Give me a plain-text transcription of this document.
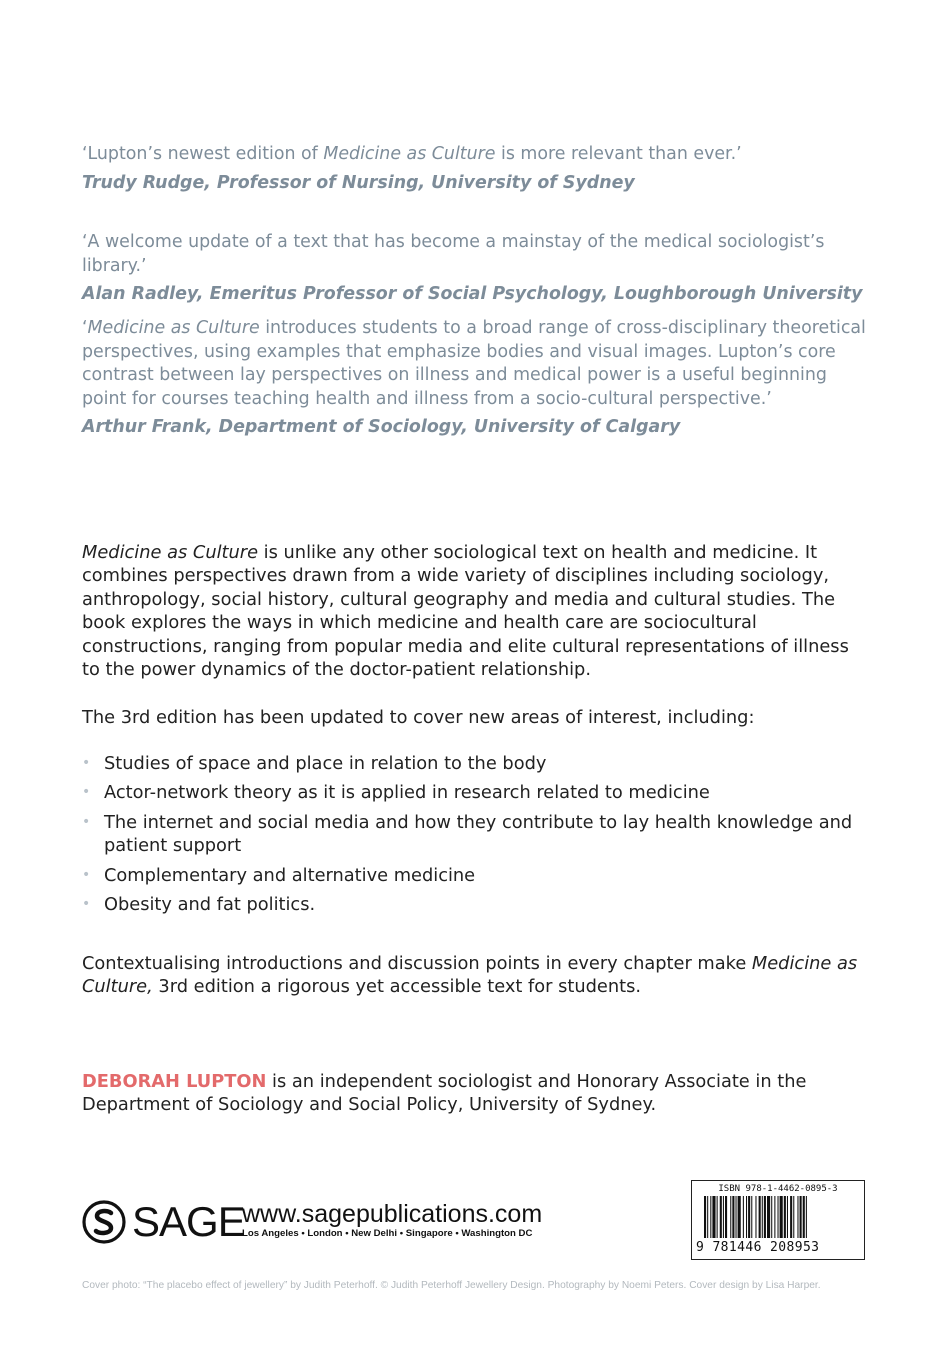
‘Lupton’s newest edition of Medicine as Culture is more relevant than ever.’

Trudy Rudge, Professor of Nursing, University of Sydney

‘A welcome update of a text that has become a mainstay of the medical sociologist’s library.’

Alan Radley, Emeritus Professor of Social Psychology, Loughborough University

‘Medicine as Culture introduces students to a broad range of cross-disciplinary theoretical perspectives, using examples that emphasize bodies and visual images. Lupton’s core contrast between lay perspectives on illness and medical power is a useful beginning point for courses teaching health and illness from a socio-cultural perspective.’

Arthur Frank, Department of Sociology, University of Calgary

Medicine as Culture is unlike any other sociological text on health and medicine. It combines perspectives drawn from a wide variety of disciplines including sociology, anthropology, social history, cultural geography and media and cultural studies. The book explores the ways in which medicine and health care are sociocultural constructions, ranging from popular media and elite cultural representations of illness to the power dynamics of the doctor-patient relationship.

The 3rd edition has been updated to cover new areas of interest, including:

• Studies of space and place in relation to the body
• Actor-network theory as it is applied in research related to medicine
• The internet and social media and how they contribute to lay health knowledge and patient support
• Complementary and alternative medicine
• Obesity and fat politics.

Contextualising introductions and discussion points in every chapter make Medicine as Culture, 3rd edition a rigorous yet accessible text for students.

DEBORAH LUPTON is an independent sociologist and Honorary Associate in the Department of Sociology and Social Policy, University of Sydney.

SAGE
www.sagepublications.com
Los Angeles • London • New Delhi • Singapore • Washington DC
ISBN 978-1-4462-0895-3
9 781446 208953
Cover photo: “The placebo effect of jewellery” by Judith Peterhoff. © Judith Peterhoff Jewellery Design. Photography by Noemi Peters. Cover design by Lisa Harper.
